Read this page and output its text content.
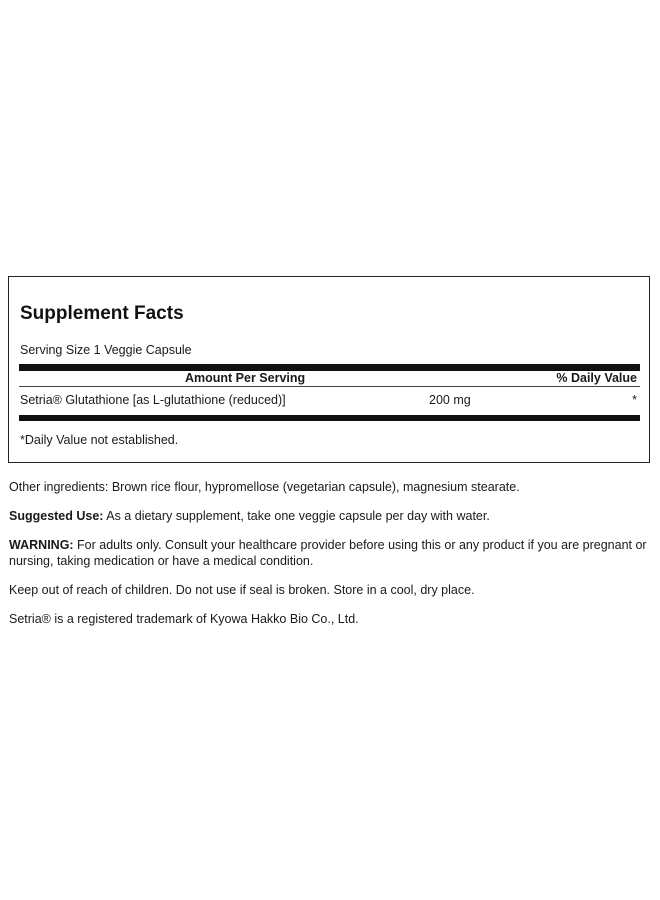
Supplement Facts
Serving Size 1 Veggie Capsule
Amount Per Serving	% Daily Value
Setria® Glutathione [as L-glutathione (reduced)]	200 mg	*
*Daily Value not established.
Other ingredients: Brown rice flour, hypromellose (vegetarian capsule), magnesium stearate.
Suggested Use: As a dietary supplement, take one veggie capsule per day with water.
WARNING: For adults only. Consult your healthcare provider before using this or any product if you are pregnant or nursing, taking medication or have a medical condition.
Keep out of reach of children. Do not use if seal is broken. Store in a cool, dry place.
Setria® is a registered trademark of Kyowa Hakko Bio Co., Ltd.
